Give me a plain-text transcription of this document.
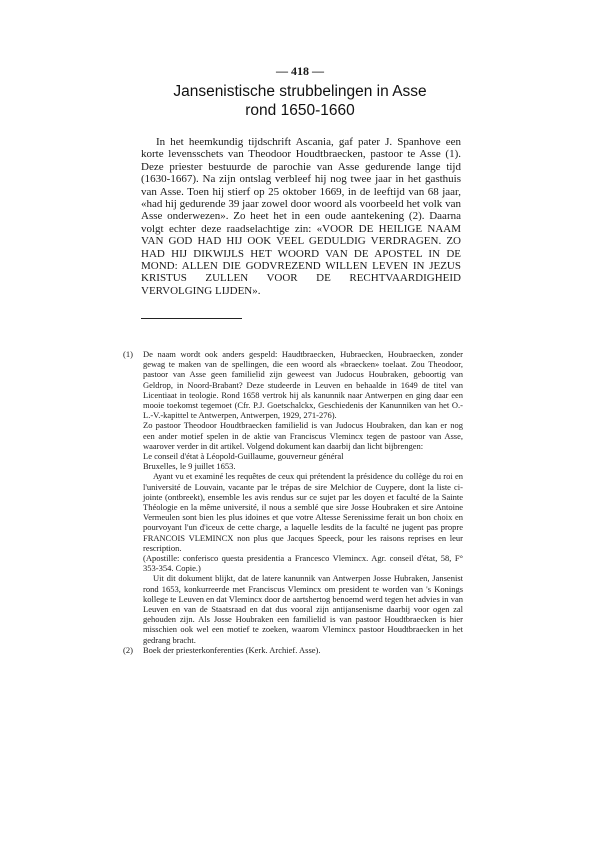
— 418 —
Jansenistische strubbelingen in Asse
rond 1650-1660

In het heemkundig tijdschrift Ascania, gaf pater J. Spanhove een korte levensschets van Theodoor Houdtbraecken, pastoor te Asse (1). Deze priester bestuurde de parochie van Asse gedurende lange tijd (1630-1667). Na zijn ontslag verbleef hij nog twee jaar in het gasthuis van Asse. Toen hij stierf op 25 oktober 1669, in de leeftijd van 68 jaar, «had hij gedurende 39 jaar zowel door woord als voorbeeld het volk van Asse onderwezen». Zo heet het in een oude aantekening (2). Daarna volgt echter deze raadselachtige zin: «VOOR DE HEILIGE NAAM VAN GOD HAD HIJ OOK VEEL GEDULDIG VERDRAGEN. ZO HAD HIJ DIKWIJLS HET WOORD VAN DE APOSTEL IN DE MOND: ALLEN DIE GODVREZEND WILLEN LEVEN IN JEZUS KRISTUS ZULLEN VOOR DE RECHTVAARDIGHEID VERVOLGING LIJDEN».

(1)	De naam wordt ook anders gespeld: Haudtbraecken, Hubraecken, Houbraecken, zonder gewag te maken van de spellingen, die een woord als «braecken» toelaat. Zou Theodoor, pastoor van Asse geen familielid zijn geweest van Judocus Houbraken, geboortig van Geldrop, in Noord-Brabant? Deze studeerde in Leuven en behaalde in 1649 de titel van Licentiaat in teologie. Rond 1658 vertrok hij als kanunnik naar Antwerpen en ging daar een mooie toekomst tegemoet (Cfr. P.J. Goetschalckx, Geschiedenis der Kanunniken van het O.-L.-V.-kapittel te Antwerpen, Antwerpen, 1929, 271-276).

Zo pastoor Theodoor Houdtbraecken familielid is van Judocus Houbraken, dan kan er nog een ander motief spelen in de aktie van Franciscus Vlemincx tegen de pastoor van Asse, waarover verder in dit artikel. Volgend dokument kan daarbij dan licht bijbrengen:

Le conseil d'état à Léopold-Guillaume, gouverneur général

Bruxelles, le 9 juillet 1653.

Ayant vu et examiné les requêtes de ceux qui prétendent la présidence du collège du roi en l'université de Louvain, vacante par le trépas de sire Melchior de Cuypere, dont la liste ci-jointe (ontbreekt), ensemble les avis rendus sur ce sujet par les doyen et faculté de la Sainte Théologie en la même université, il nous a semblé que sire Josse Houbraken et sire Antoine Vermeulen sont bien les plus idoines et que votre Altesse Serenissime ferait un bon choix en pourvoyant l'un d'iceux de cette charge, a laquelle lesdits de la faculté ne jugent pas propre FRANCOIS VLEMINCX non plus que Jacques Speeck, pour les raisons reprises en leur rescription.

(Apostille: conferisco questa presidentia a Francesco Vlemincx. Agr. conseil d'état, 58, F° 353-354. Copie.)

Uit dit dokument blijkt, dat de latere kanunnik van Antwerpen Josse Hubraken, Jansenist rond 1653, konkurreerde met Franciscus Vlemincx om president te worden van 's Konings kollege te Leuven en dat Vlemincx door de aartshertog benoemd werd tegen het advies in van Leuven en van de Staatsraad en dat dus vooral zijn antijansenisme daarbij voor ogen zal gehouden zijn. Als Josse Houbraken een familielid is van pastoor Houdtbraecken is hier misschien ook wel een motief te zoeken, waarom Vlemincx pastoor Houdtbraecken in het gedrang bracht.

(2)	Boek der priesterkonferenties (Kerk. Archief. Asse).
